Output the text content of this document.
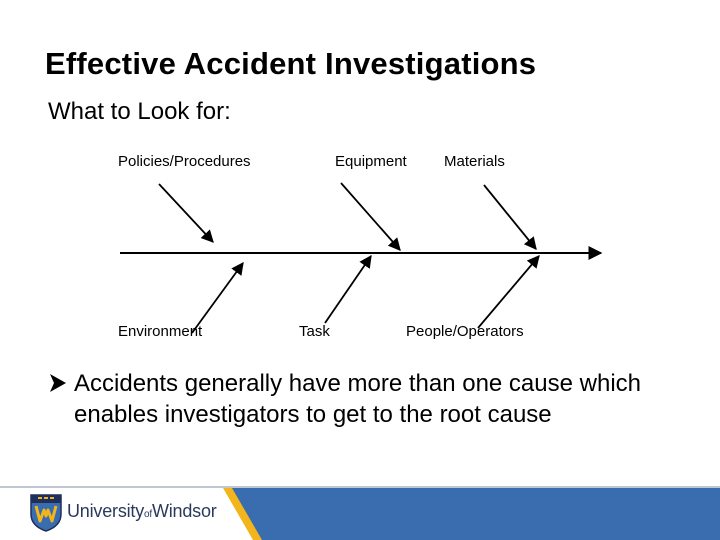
Effective Accident Investigations
What to Look for:
Policies/Procedures	Equipment Materials
Environment	Task	People/Operators
Accidents generally have more than one cause which enables investigators to get to the root cause
UniversityofWindsor
